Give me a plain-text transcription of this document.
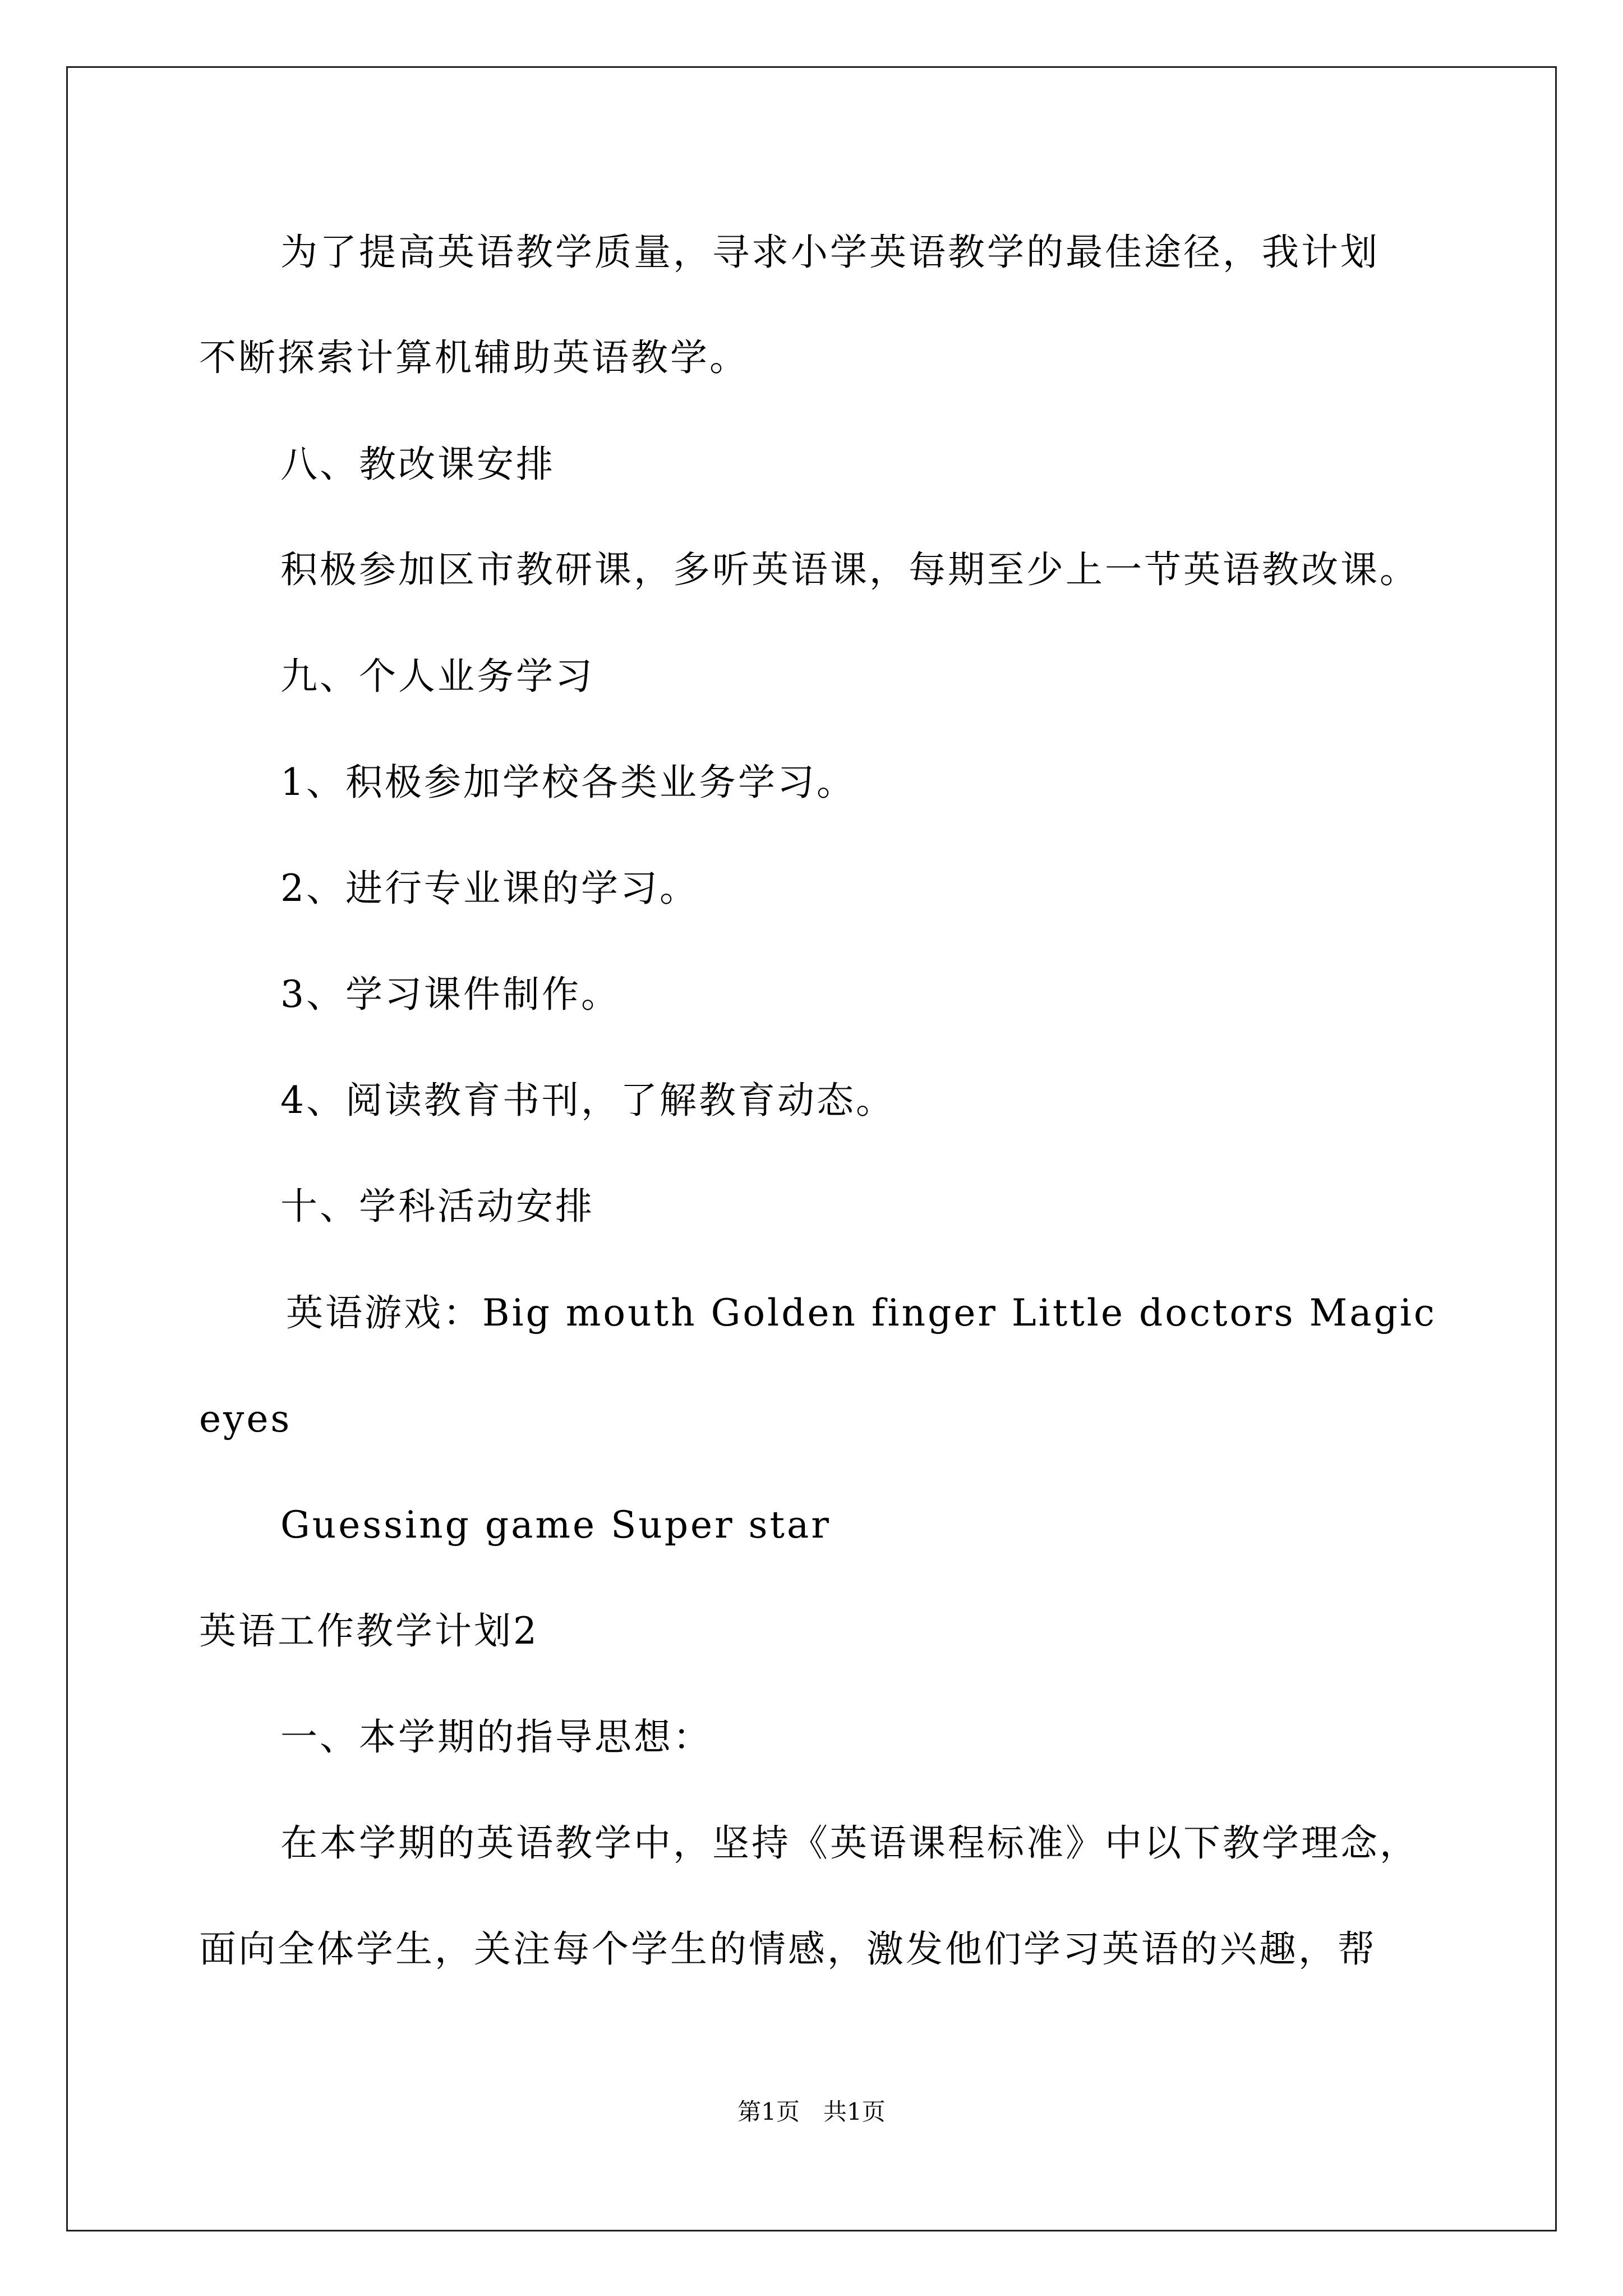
为了提高英语教学质量，寻求小学英语教学的最佳途径，我计划
不断探索计算机辅助英语教学。
八、教改课安排
积极参加区市教研课，多听英语课，每期至少上一节英语教改课。
九、个人业务学习
1、积极参加学校各类业务学习。
2、进行专业课的学习。
3、学习课件制作。
4、阅读教育书刊，了解教育动态。
十、学科活动安排
英语游戏：Big mouth Golden finger Little doctors Magic
eyes
Guessing game Super star
英语工作教学计划2
一、本学期的指导思想：
在本学期的英语教学中，坚持《英语课程标准》中以下教学理念，
面向全体学生，关注每个学生的情感，激发他们学习英语的兴趣，帮
第1页　共1页
